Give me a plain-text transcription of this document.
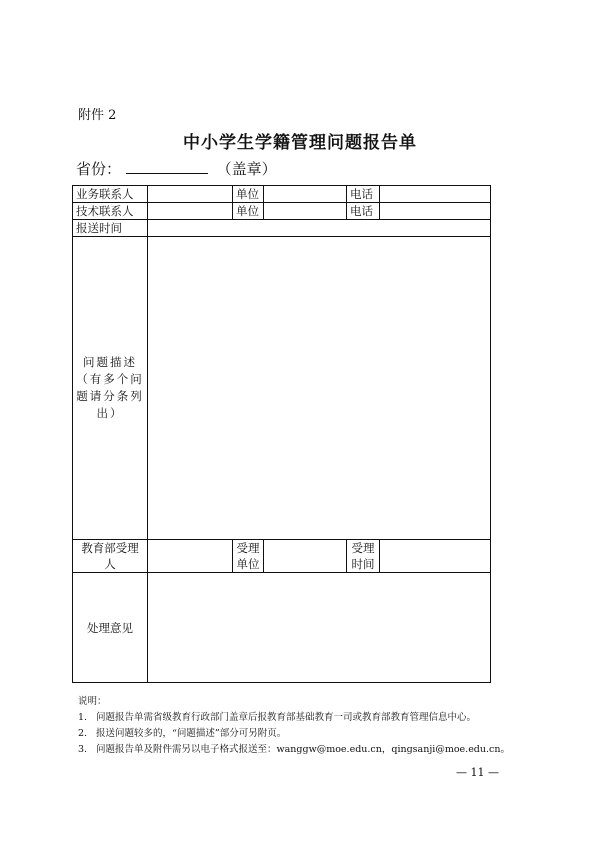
附件 2
中小学生学籍管理问题报告单
省份：	（盖章）
业务联系人		单位		电话	
技术联系人		单位		电话	
报送时间					
问题描述（有多个问题请分条列出）					
教育部受理人		受理单位		受理时间	
处理意见					
说明：
1. 问题报告单需省级教育行政部门盖章后报教育部基础教育一司或教育部教育管理信息中心。
2. 报送问题较多的，“问题描述”部分可另附页。
3. 问题报告单及附件需另以电子格式报送至：wanggw@moe.edu.cn，qingsanji@moe.edu.cn。
— 11 —
